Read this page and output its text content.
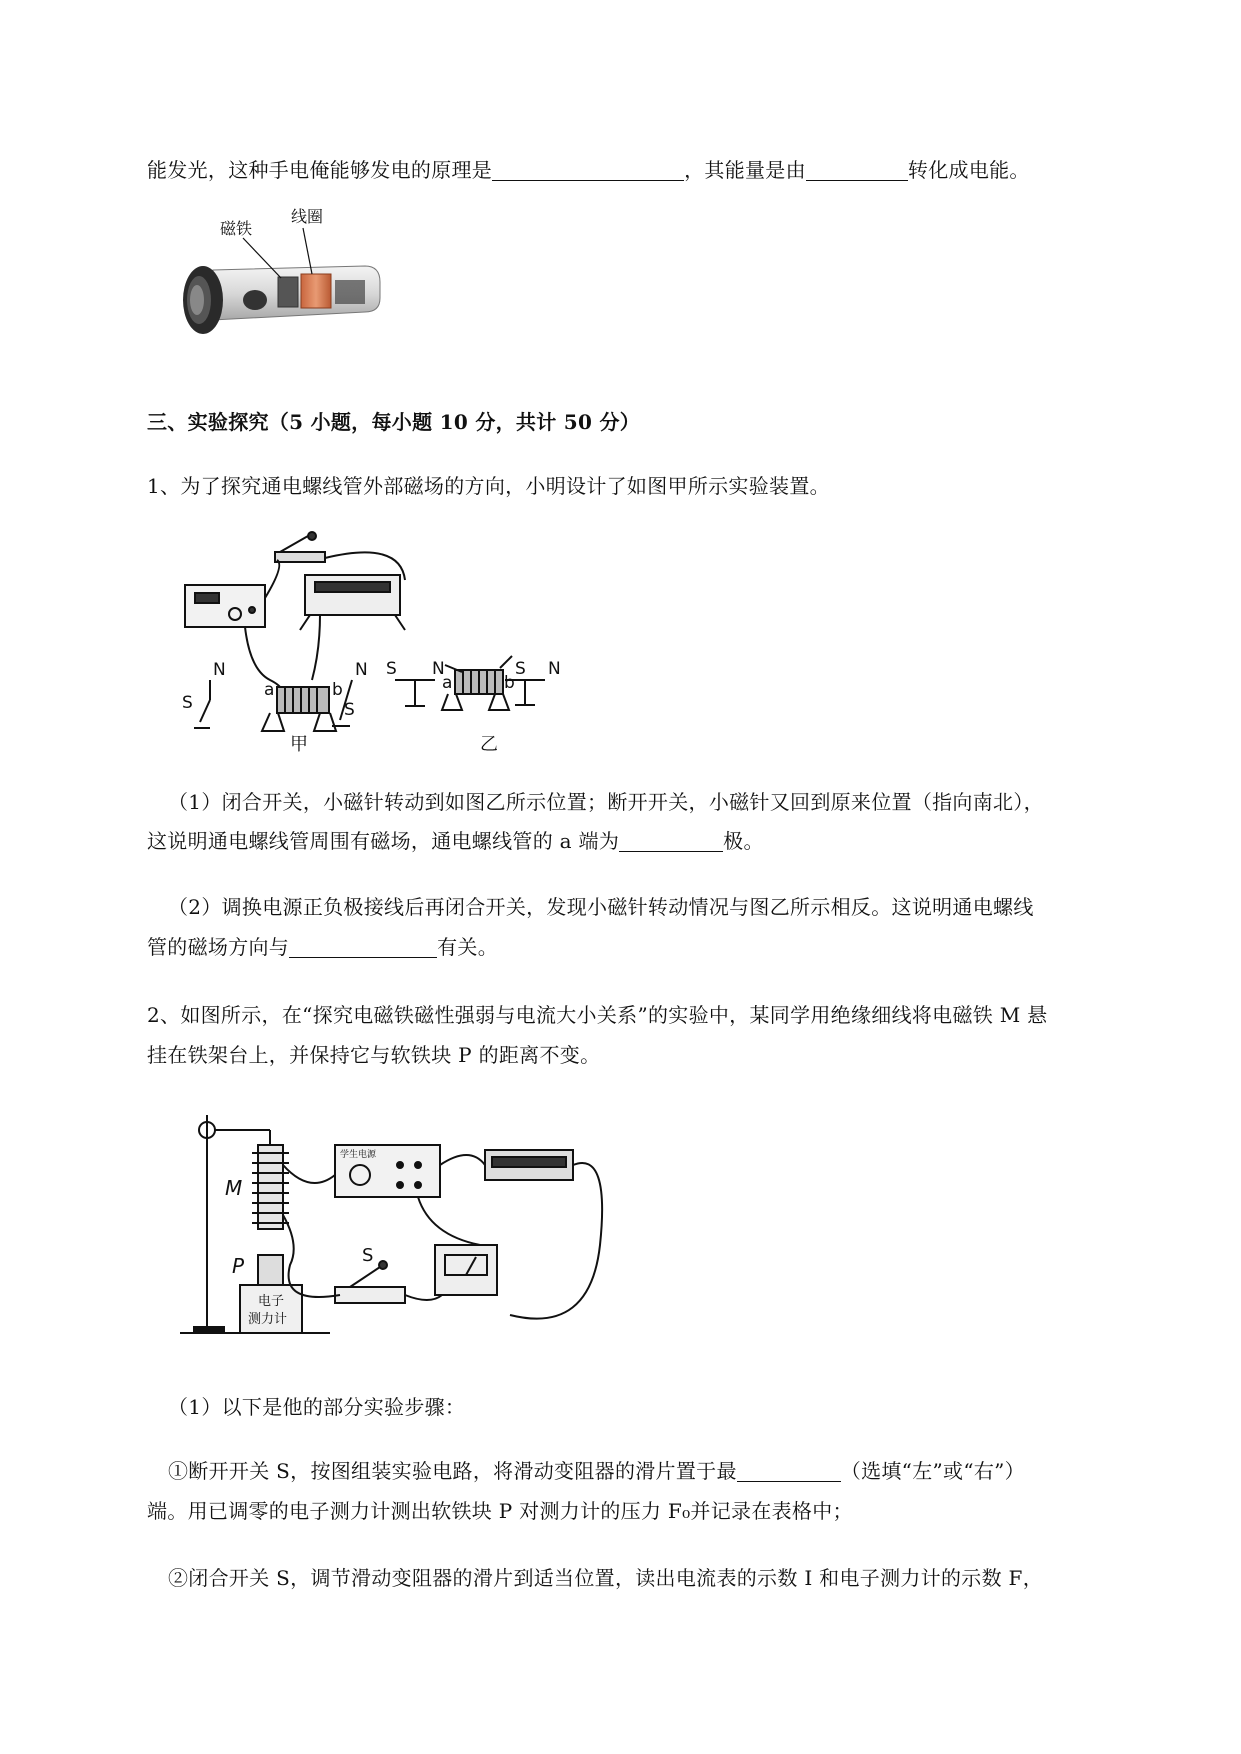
能发光，这种手电俺能够发电的原理是	，其能量是由	转化成电能。
磁铁
线圈
三、实验探究（5 小题，每小题 10 分，共计 50 分）
1、为了探究通电螺线管外部磁场的方向，小明设计了如图甲所示实验装置。
N
S
a	b
N
S
S N
a	b
S N
甲	乙
（1）闭合开关，小磁针转动到如图乙所示位置；断开开关，小磁针又回到原来位置（指向南北），
这说明通电螺线管周围有磁场，通电螺线管的 a 端为	极。
（2）调换电源正负极接线后再闭合开关，发现小磁针转动情况与图乙所示相反。这说明通电螺线
管的磁场方向与	有关。
2、如图所示，在“探究电磁铁磁性强弱与电流大小关系”的实验中，某同学用绝缘细线将电磁铁 M 悬
挂在铁架台上，并保持它与软铁块 P 的距离不变。
M
P	S
学生电源
电子
测力计
（1）以下是他的部分实验步骤：
①断开开关 S，按图组装实验电路，将滑动变阻器的滑片置于最	（选填“左”或“右”）
端。用已调零的电子测力计测出软铁块 P 对测力计的压力 F₀并记录在表格中；
②闭合开关 S，调节滑动变阻器的滑片到适当位置，读出电流表的示数 I 和电子测力计的示数 F，
